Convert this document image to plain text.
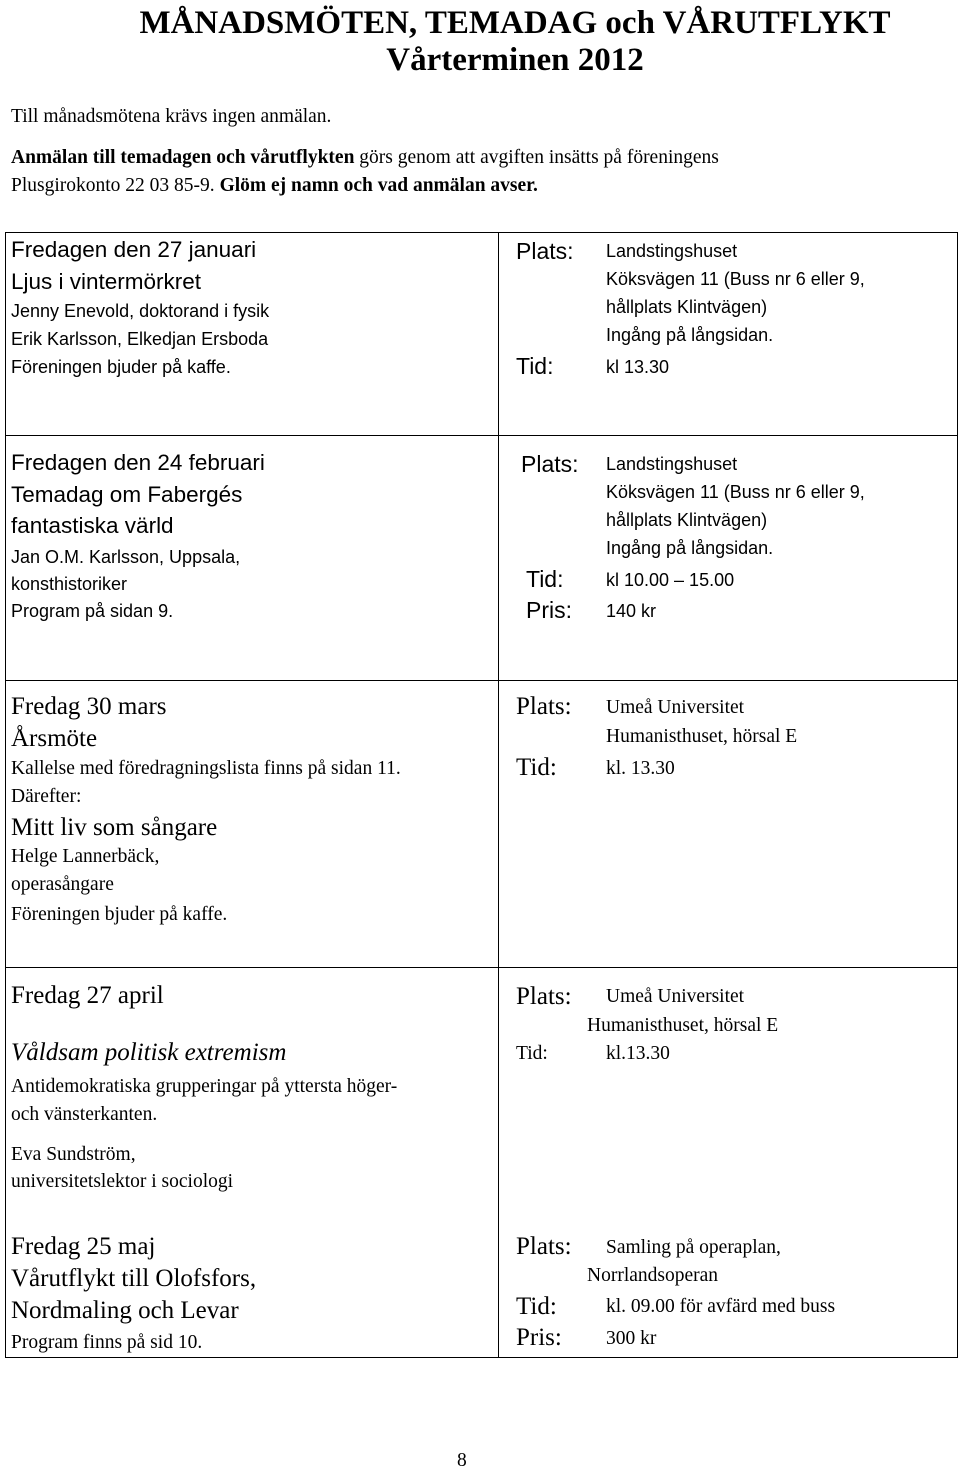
MÅNADSMÖTEN, TEMADAG och VÅRUTFLYKT
Vårterminen 2012
Till månadsmötena krävs ingen anmälan.
Anmälan till temadagen och vårutflykten görs genom att avgiften insätts på föreningens
Plusgirokonto 22 03 85-9. Glöm ej namn och vad anmälan avser.
Fredagen den 27 januari
Ljus i vintermörkret
Jenny Enevold, doktorand i fysik
Erik Karlsson, Elkedjan Ersboda
Föreningen bjuder på kaffe.
Plats: Landstingshuset
Köksvägen 11 (Buss nr 6 eller 9,
hållplats Klintvägen)
Ingång på långsidan.
Tid:	kl 13.30
Fredagen den 24 februari
Temadag om Fabergés
fantastiska värld
Jan O.M. Karlsson, Uppsala,
konsthistoriker
Program på sidan 9.
Plats: Landstingshuset
Köksvägen 11 (Buss nr 6 eller 9,
hållplats Klintvägen)
Ingång på långsidan.
Tid: kl 10.00 – 15.00
Pris: 140 kr
Fredag 30 mars
Årsmöte
Kallelse med föredragningslista finns på sidan 11.
Därefter:
Mitt liv som sångare
Helge Lannerbäck,
operasångare
Föreningen bjuder på kaffe.
Plats: Umeå Universitet
Humanisthuset, hörsal E
Tid:	kl. 13.30
Fredag 27 april
Våldsam politisk extremism
Antidemokratiska grupperingar på yttersta höger-
och vänsterkanten.
Eva Sundström,
universitetslektor i sociologi
Plats: Umeå Universitet
Humanisthuset, hörsal E
Tid:	kl.13.30
Fredag 25 maj
Vårutflykt till Olofsfors,
Nordmaling och Levar
Program finns på sid 10.
Plats: Samling på operaplan,
Norrlandsoperan
Tid:	kl. 09.00 för avfärd med buss
Pris: 300 kr
8
